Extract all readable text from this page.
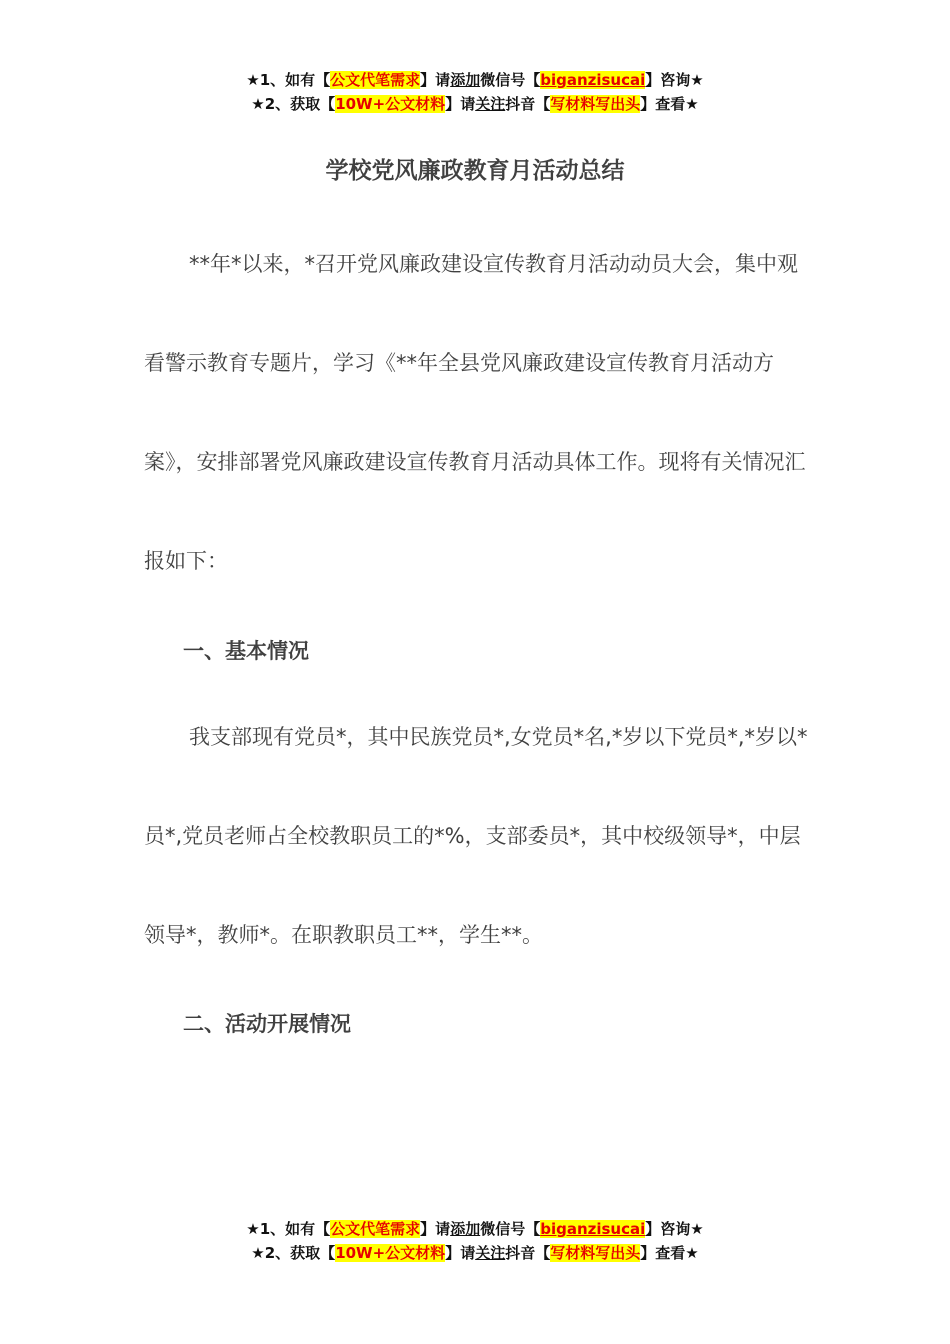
★1、如有【公文代笔需求】请添加微信号【biganzisucai】咨询★
★2、获取【10W+公文材料】请关注抖音【写材料写出头】查看★
学校党风廉政教育月活动总结

**年*以来，*召开党风廉政建设宣传教育月活动动员大会，集中观看警示教育专题片，学习《**年全县党风廉政建设宣传教育月活动方案》，安排部署党风廉政建设宣传教育月活动具体工作。现将有关情况汇报如下：

一、基本情况

我支部现有党员*，其中民族党员*,女党员*名,*岁以下党员*,*岁以*员*,党员老师占全校教职员工的*%，支部委员*，其中校级领导*，中层领导*，教师*。在职教职员工**，学生**。

二、活动开展情况
★1、如有【公文代笔需求】请添加微信号【biganzisucai】咨询★
★2、获取【10W+公文材料】请关注抖音【写材料写出头】查看★
